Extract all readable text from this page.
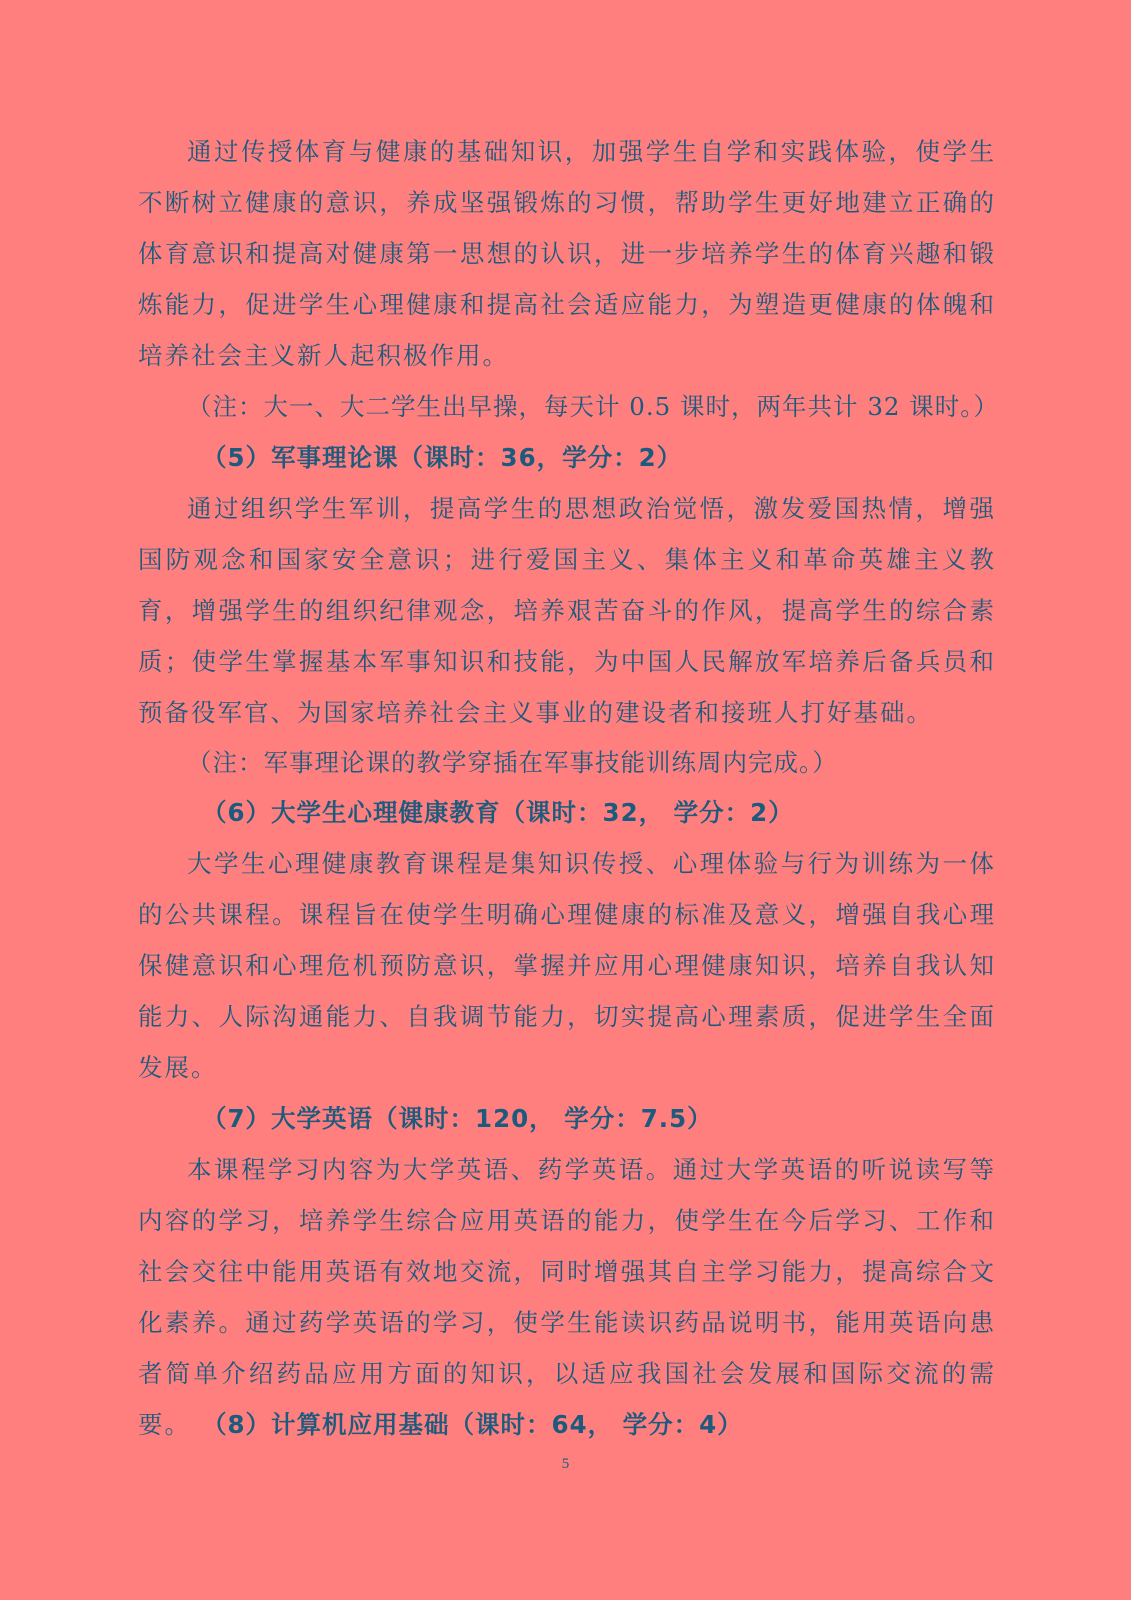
通过传授体育与健康的基础知识，加强学生自学和实践体验，使学生不断树立健康的意识，养成坚强锻炼的习惯，帮助学生更好地建立正确的体育意识和提高对健康第一思想的认识，进一步培养学生的体育兴趣和锻炼能力，促进学生心理健康和提高社会适应能力，为塑造更健康的体魄和培养社会主义新人起积极作用。

（注：大一、大二学生出早操，每天计 0.5 课时，两年共计 32 课时。）

（5）军事理论课（课时：36，学分：2）

通过组织学生军训，提高学生的思想政治觉悟，激发爱国热情，增强国防观念和国家安全意识；进行爱国主义、集体主义和革命英雄主义教育，增强学生的组织纪律观念，培养艰苦奋斗的作风，提高学生的综合素质；使学生掌握基本军事知识和技能，为中国人民解放军培养后备兵员和预备役军官、为国家培养社会主义事业的建设者和接班人打好基础。

（注：军事理论课的教学穿插在军事技能训练周内完成。）

（6）大学生心理健康教育（课时：32， 学分：2）

大学生心理健康教育课程是集知识传授、心理体验与行为训练为一体的公共课程。课程旨在使学生明确心理健康的标准及意义，增强自我心理保健意识和心理危机预防意识，掌握并应用心理健康知识，培养自我认知能力、人际沟通能力、自我调节能力，切实提高心理素质，促进学生全面发展。

（7）大学英语（课时：120， 学分：7.5）

本课程学习内容为大学英语、药学英语。通过大学英语的听说读写等内容的学习，培养学生综合应用英语的能力，使学生在今后学习、工作和社会交往中能用英语有效地交流，同时增强其自主学习能力，提高综合文化素养。通过药学英语的学习，使学生能读识药品说明书，能用英语向患者简单介绍药品应用方面的知识，以适应我国社会发展和国际交流的需要。 （8）计算机应用基础（课时：64， 学分：4）

5
